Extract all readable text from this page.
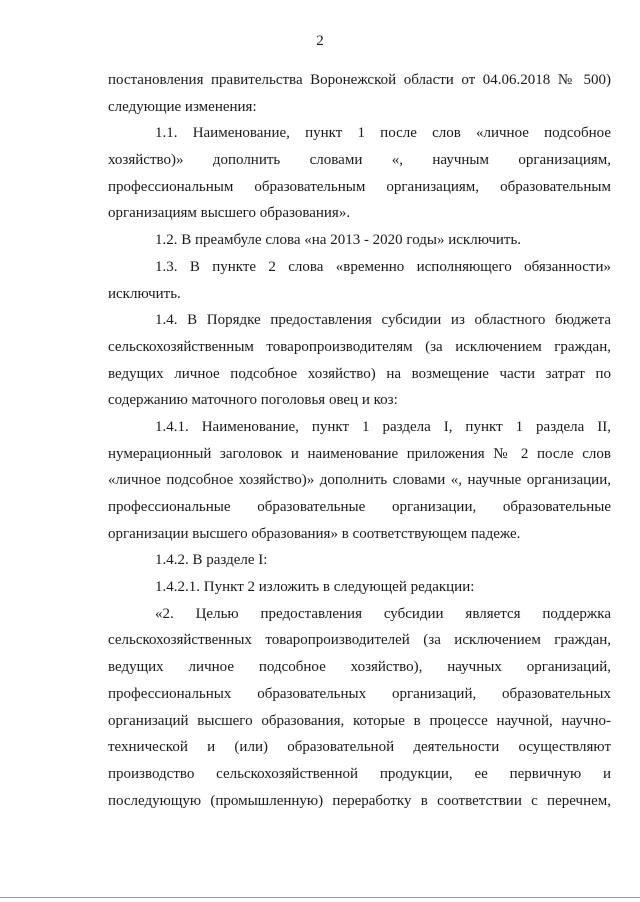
2
постановления правительства Воронежской области от 04.06.2018 № 500)
следующие изменения:
1.1. Наименование, пункт 1 после слов «личное подсобное
хозяйство)» дополнить словами «, научным организациям,
профессиональным образовательным организациям, образовательным
организациям высшего образования».
1.2. В преамбуле слова «на 2013 - 2020 годы» исключить.
1.3. В пункте 2 слова «временно исполняющего обязанности»
исключить.
1.4. В Порядке предоставления субсидии из областного бюджета
сельскохозяйственным товаропроизводителям (за исключением граждан,
ведущих личное подсобное хозяйство) на возмещение части затрат по
содержанию маточного поголовья овец и коз:
1.4.1. Наименование, пункт 1 раздела I, пункт 1 раздела II,
нумерационный заголовок и наименование приложения № 2 после слов
«личное подсобное хозяйство)» дополнить словами «, научные организации,
профессиональные образовательные организации, образовательные
организации высшего образования» в соответствующем падеже.
1.4.2. В разделе I:
1.4.2.1. Пункт 2 изложить в следующей редакции:
«2. Целью предоставления субсидии является поддержка
сельскохозяйственных товаропроизводителей (за исключением граждан,
ведущих личное подсобное хозяйство), научных организаций,
профессиональных образовательных организаций, образовательных
организаций высшего образования, которые в процессе научной, научно-
технической и (или) образовательной деятельности осуществляют
производство сельскохозяйственной продукции, ее первичную и
последующую (промышленную) переработку в соответствии с перечнем,
